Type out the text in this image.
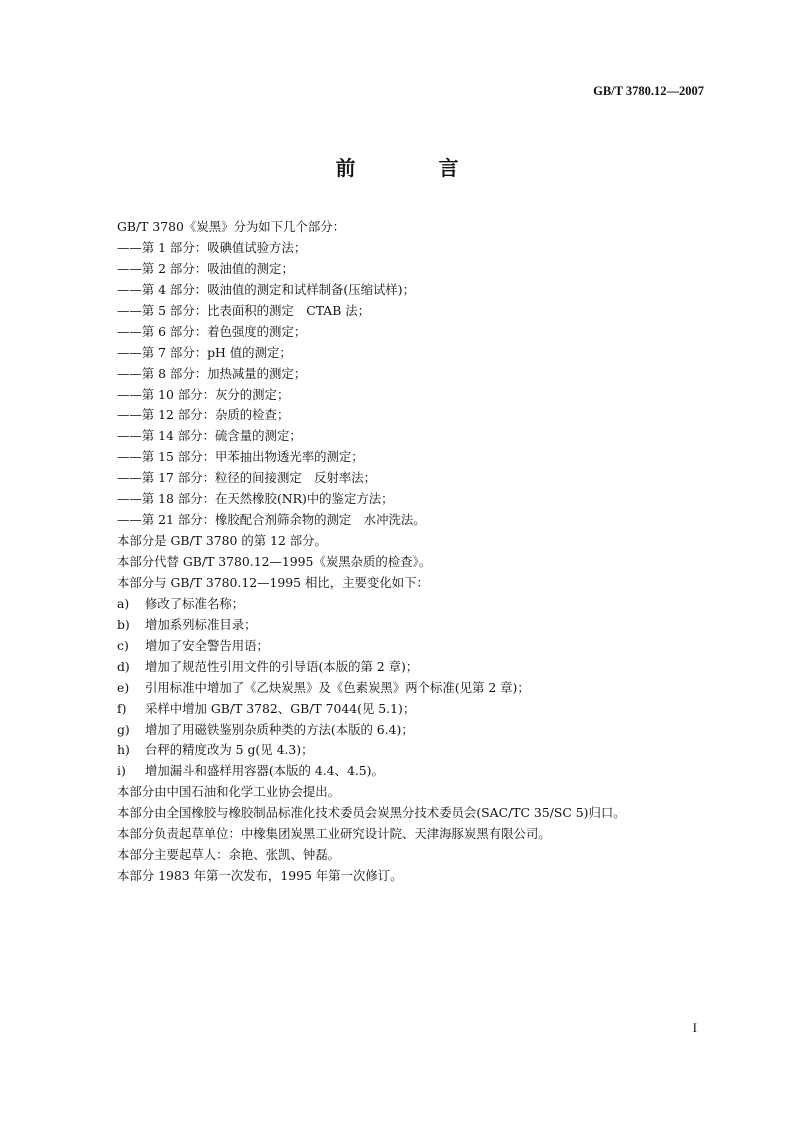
GB/T 3780.12—2007
前 言
GB/T 3780《炭黑》分为如下几个部分：
——第 1 部分：吸碘值试验方法；
——第 2 部分：吸油值的测定；
——第 4 部分：吸油值的测定和试样制备(压缩试样)；
——第 5 部分：比表面积的测定　CTAB 法；
——第 6 部分：着色强度的测定；
——第 7 部分：pH 值的测定；
——第 8 部分：加热减量的测定；
——第 10 部分：灰分的测定；
——第 12 部分：杂质的检查；
——第 14 部分：硫含量的测定；
——第 15 部分：甲苯抽出物透光率的测定；
——第 17 部分：粒径的间接测定　反射率法；
——第 18 部分：在天然橡胶(NR)中的鉴定方法；
——第 21 部分：橡胶配合剂筛余物的测定　水冲洗法。
本部分是 GB/T 3780 的第 12 部分。
本部分代替 GB/T 3780.12—1995《炭黑杂质的检查》。
本部分与 GB/T 3780.12—1995 相比，主要变化如下：
a) 修改了标准名称；
b) 增加系列标准目录；
c) 增加了安全警告用语；
d) 增加了规范性引用文件的引导语(本版的第 2 章)；
e) 引用标准中增加了《乙炔炭黑》及《色素炭黑》两个标准(见第 2 章)；
f) 采样中增加 GB/T 3782、GB/T 7044(见 5.1)；
g) 增加了用磁铁鉴别杂质种类的方法(本版的 6.4)；
h) 台秤的精度改为 5 g(见 4.3)；
i) 增加漏斗和盛样用容器(本版的 4.4、4.5)。
本部分由中国石油和化学工业协会提出。
本部分由全国橡胶与橡胶制品标准化技术委员会炭黑分技术委员会(SAC/TC 35/SC 5)归口。
本部分负责起草单位：中橡集团炭黑工业研究设计院、天津海豚炭黑有限公司。
本部分主要起草人：余艳、张凯、钟磊。
本部分 1983 年第一次发布，1995 年第一次修订。
I
